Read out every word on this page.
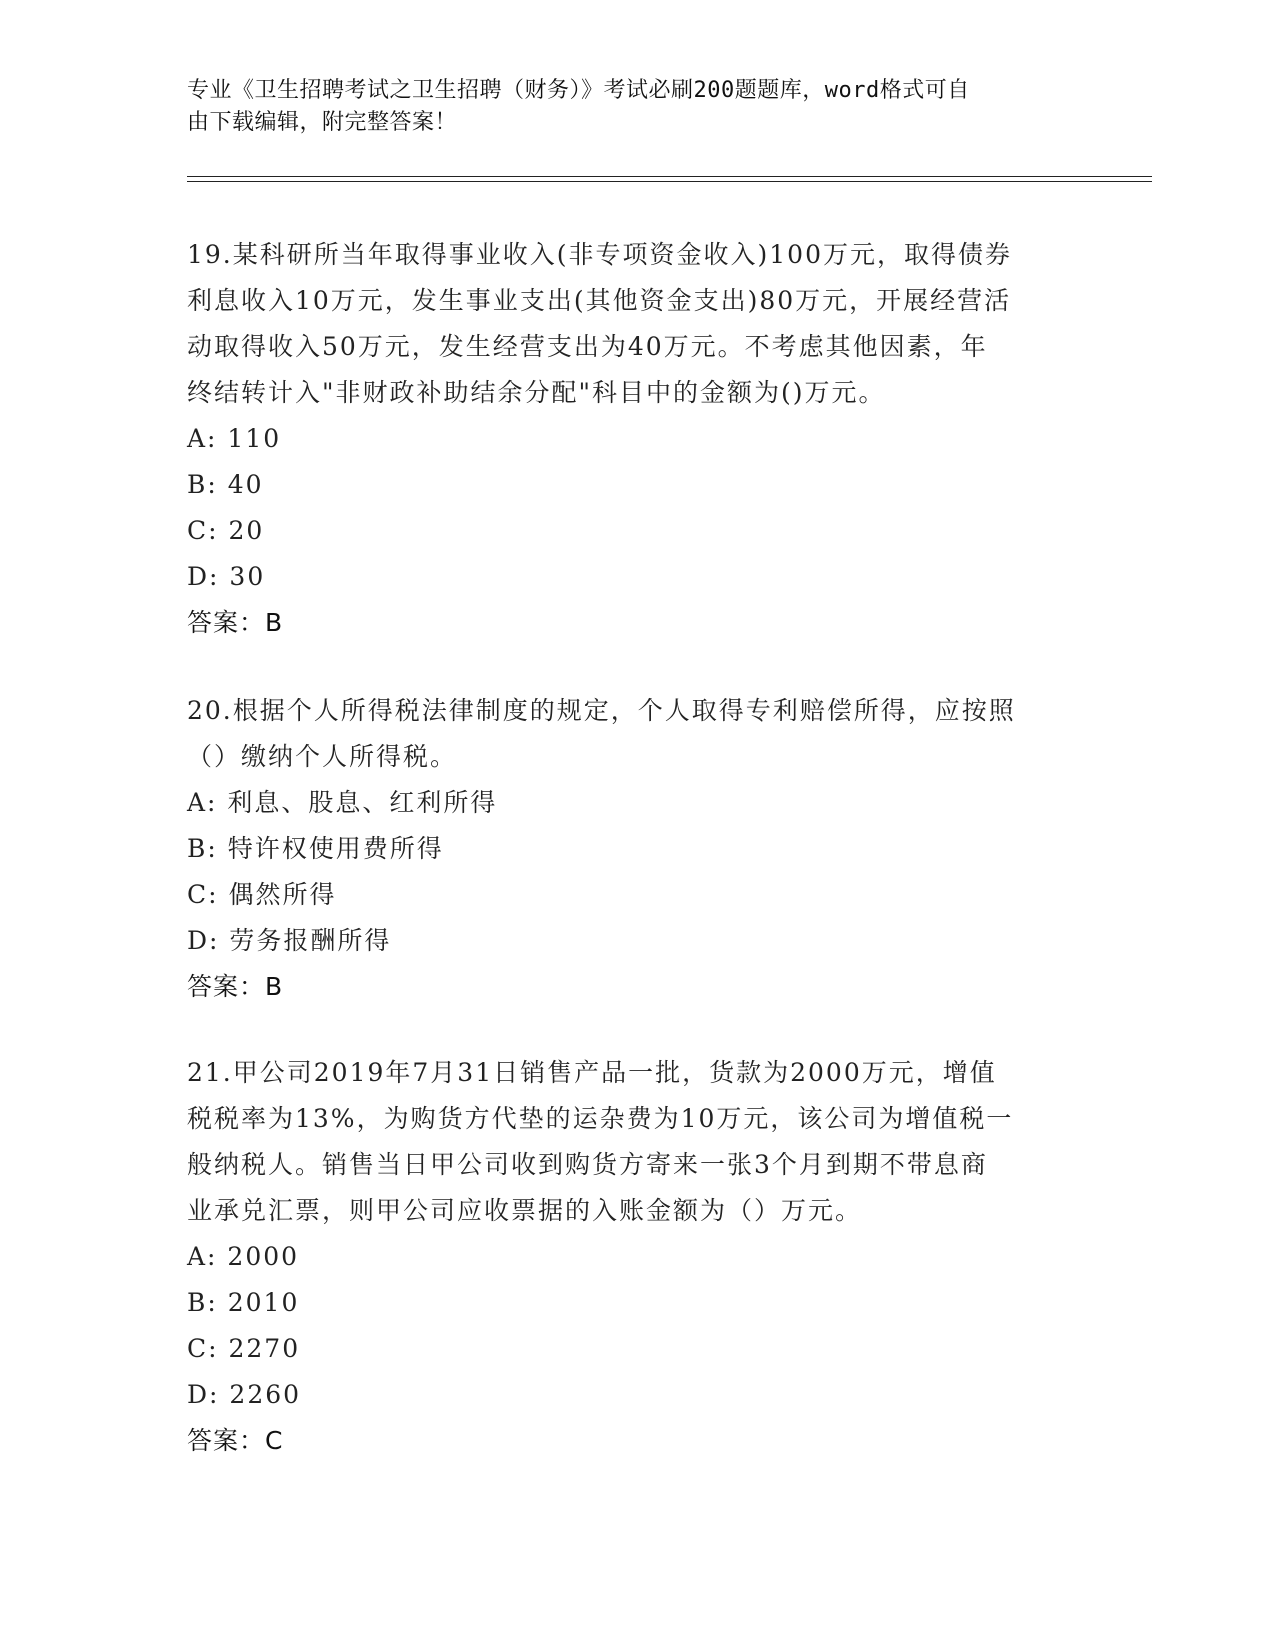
专业《卫生招聘考试之卫生招聘（财务）》考试必刷200题题库，word格式可自
由下载编辑，附完整答案！
19.某科研所当年取得事业收入(非专项资金收入)100万元，取得债券
利息收入10万元，发生事业支出(其他资金支出)80万元，开展经营活
动取得收入50万元，发生经营支出为40万元。不考虑其他因素，年
终结转计入"非财政补助结余分配"科目中的金额为()万元。
A: 110
B: 40
C: 20
D: 30
答案：B
20.根据个人所得税法律制度的规定，个人取得专利赔偿所得，应按照
（）缴纳个人所得税。
A: 利息、股息、红利所得
B: 特许权使用费所得
C: 偶然所得
D: 劳务报酬所得
答案：B
21.甲公司2019年7月31日销售产品一批，货款为2000万元，增值
税税率为13%，为购货方代垫的运杂费为10万元，该公司为增值税一
般纳税人。销售当日甲公司收到购货方寄来一张3个月到期不带息商
业承兑汇票，则甲公司应收票据的入账金额为（）万元。
A: 2000
B: 2010
C: 2270
D: 2260
答案：C
